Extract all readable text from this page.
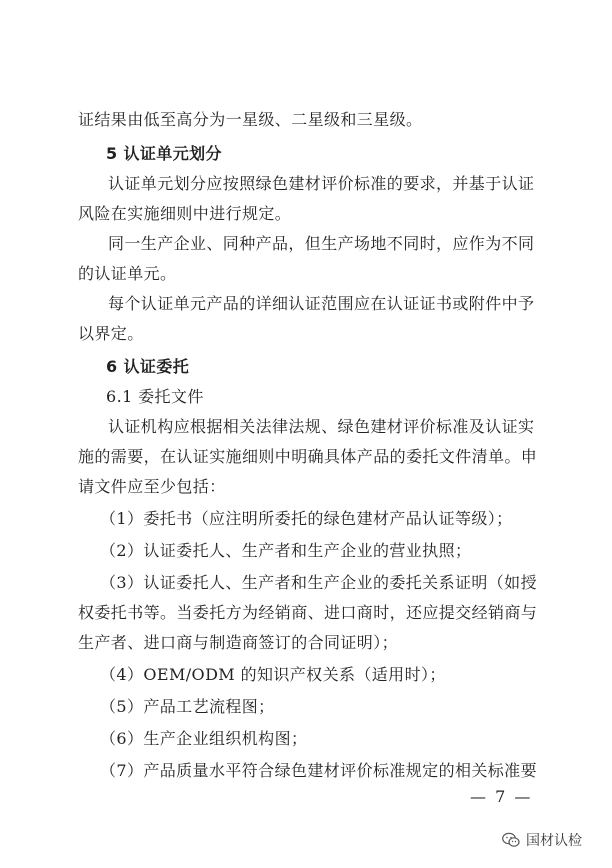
证结果由低至高分为一星级、二星级和三星级。
5 认证单元划分
认证单元划分应按照绿色建材评价标准的要求，并基于认证
风险在实施细则中进行规定。
同一生产企业、同种产品，但生产场地不同时，应作为不同
的认证单元。
每个认证单元产品的详细认证范围应在认证证书或附件中予
以界定。
6 认证委托
6.1 委托文件
认证机构应根据相关法律法规、绿色建材评价标准及认证实
施的需要，在认证实施细则中明确具体产品的委托文件清单。申
请文件应至少包括：
（1）委托书（应注明所委托的绿色建材产品认证等级）；
（2）认证委托人、生产者和生产企业的营业执照；
（3）认证委托人、生产者和生产企业的委托关系证明（如授
权委托书等。当委托方为经销商、进口商时，还应提交经销商与
生产者、进口商与制造商签订的合同证明）；
（4）OEM/ODM 的知识产权关系（适用时）；
（5）产品工艺流程图；
（6）生产企业组织机构图；
（7）产品质量水平符合绿色建材评价标准规定的相关标准要
— 7 —
国材认检
